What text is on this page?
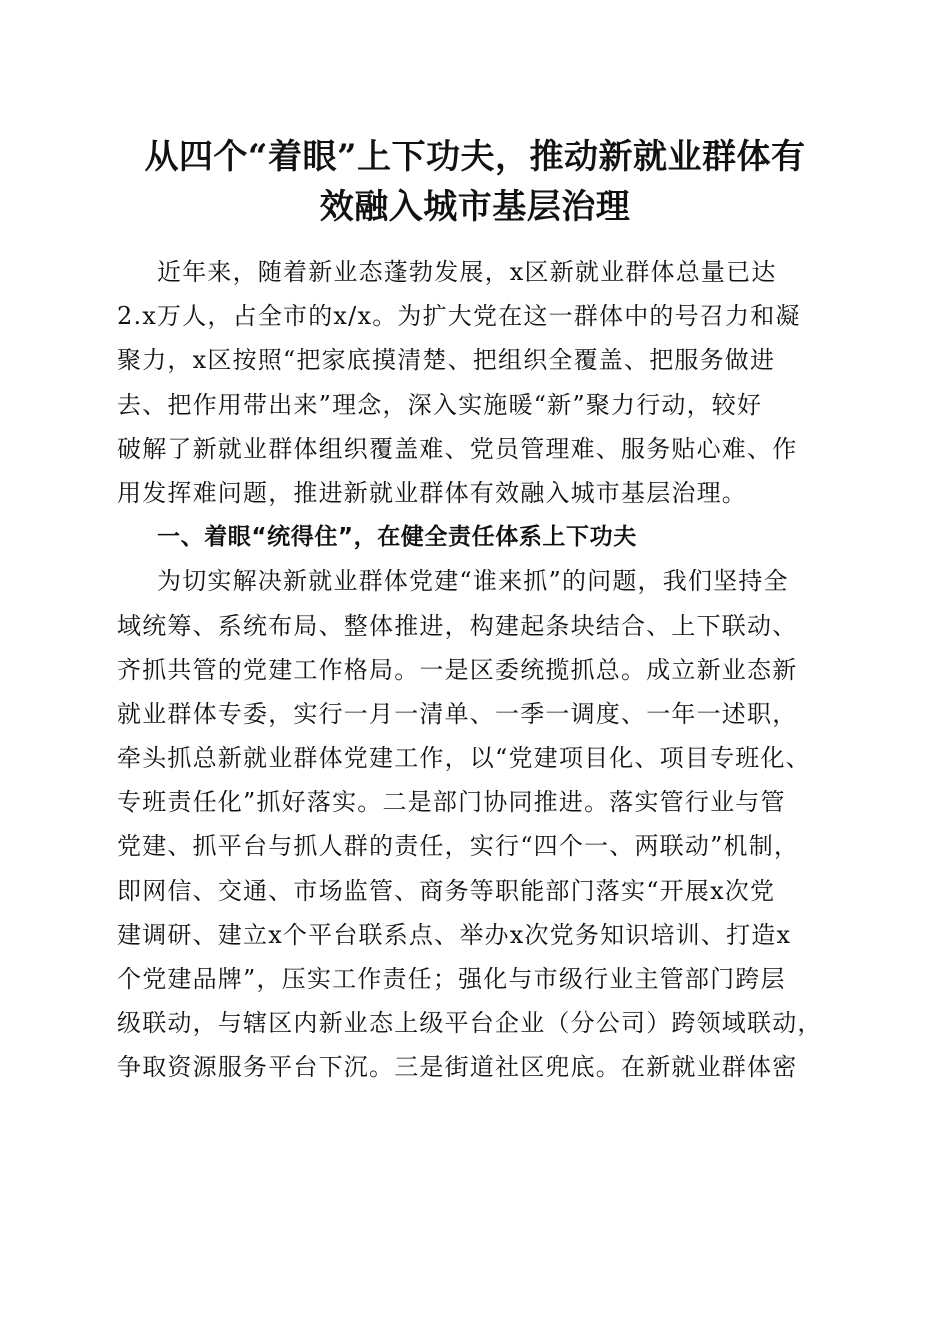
从四个“着眼”上下功夫，推动新就业群体有
效融入城市基层治理
近年来，随着新业态蓬勃发展，x区新就业群体总量已达
2.x万人，占全市的x/x。为扩大党在这一群体中的号召力和凝
聚力，x区按照“把家底摸清楚、把组织全覆盖、把服务做进
去、把作用带出来”理念，深入实施暖“新”聚力行动，较好
破解了新就业群体组织覆盖难、党员管理难、服务贴心难、作
用发挥难问题，推进新就业群体有效融入城市基层治理。
一、着眼“统得住”，在健全责任体系上下功夫
为切实解决新就业群体党建“谁来抓”的问题，我们坚持全
域统筹、系统布局、整体推进，构建起条块结合、上下联动、
齐抓共管的党建工作格局。一是区委统揽抓总。成立新业态新
就业群体专委，实行一月一清单、一季一调度、一年一述职，
牵头抓总新就业群体党建工作，以“党建项目化、项目专班化、
专班责任化”抓好落实。二是部门协同推进。落实管行业与管
党建、抓平台与抓人群的责任，实行“四个一、两联动”机制，
即网信、交通、市场监管、商务等职能部门落实“开展x次党
建调研、建立x个平台联系点、举办x次党务知识培训、打造x
个党建品牌”，压实工作责任；强化与市级行业主管部门跨层
级联动，与辖区内新业态上级平台企业（分公司）跨领域联动，
争取资源服务平台下沉。三是街道社区兜底。在新就业群体密
